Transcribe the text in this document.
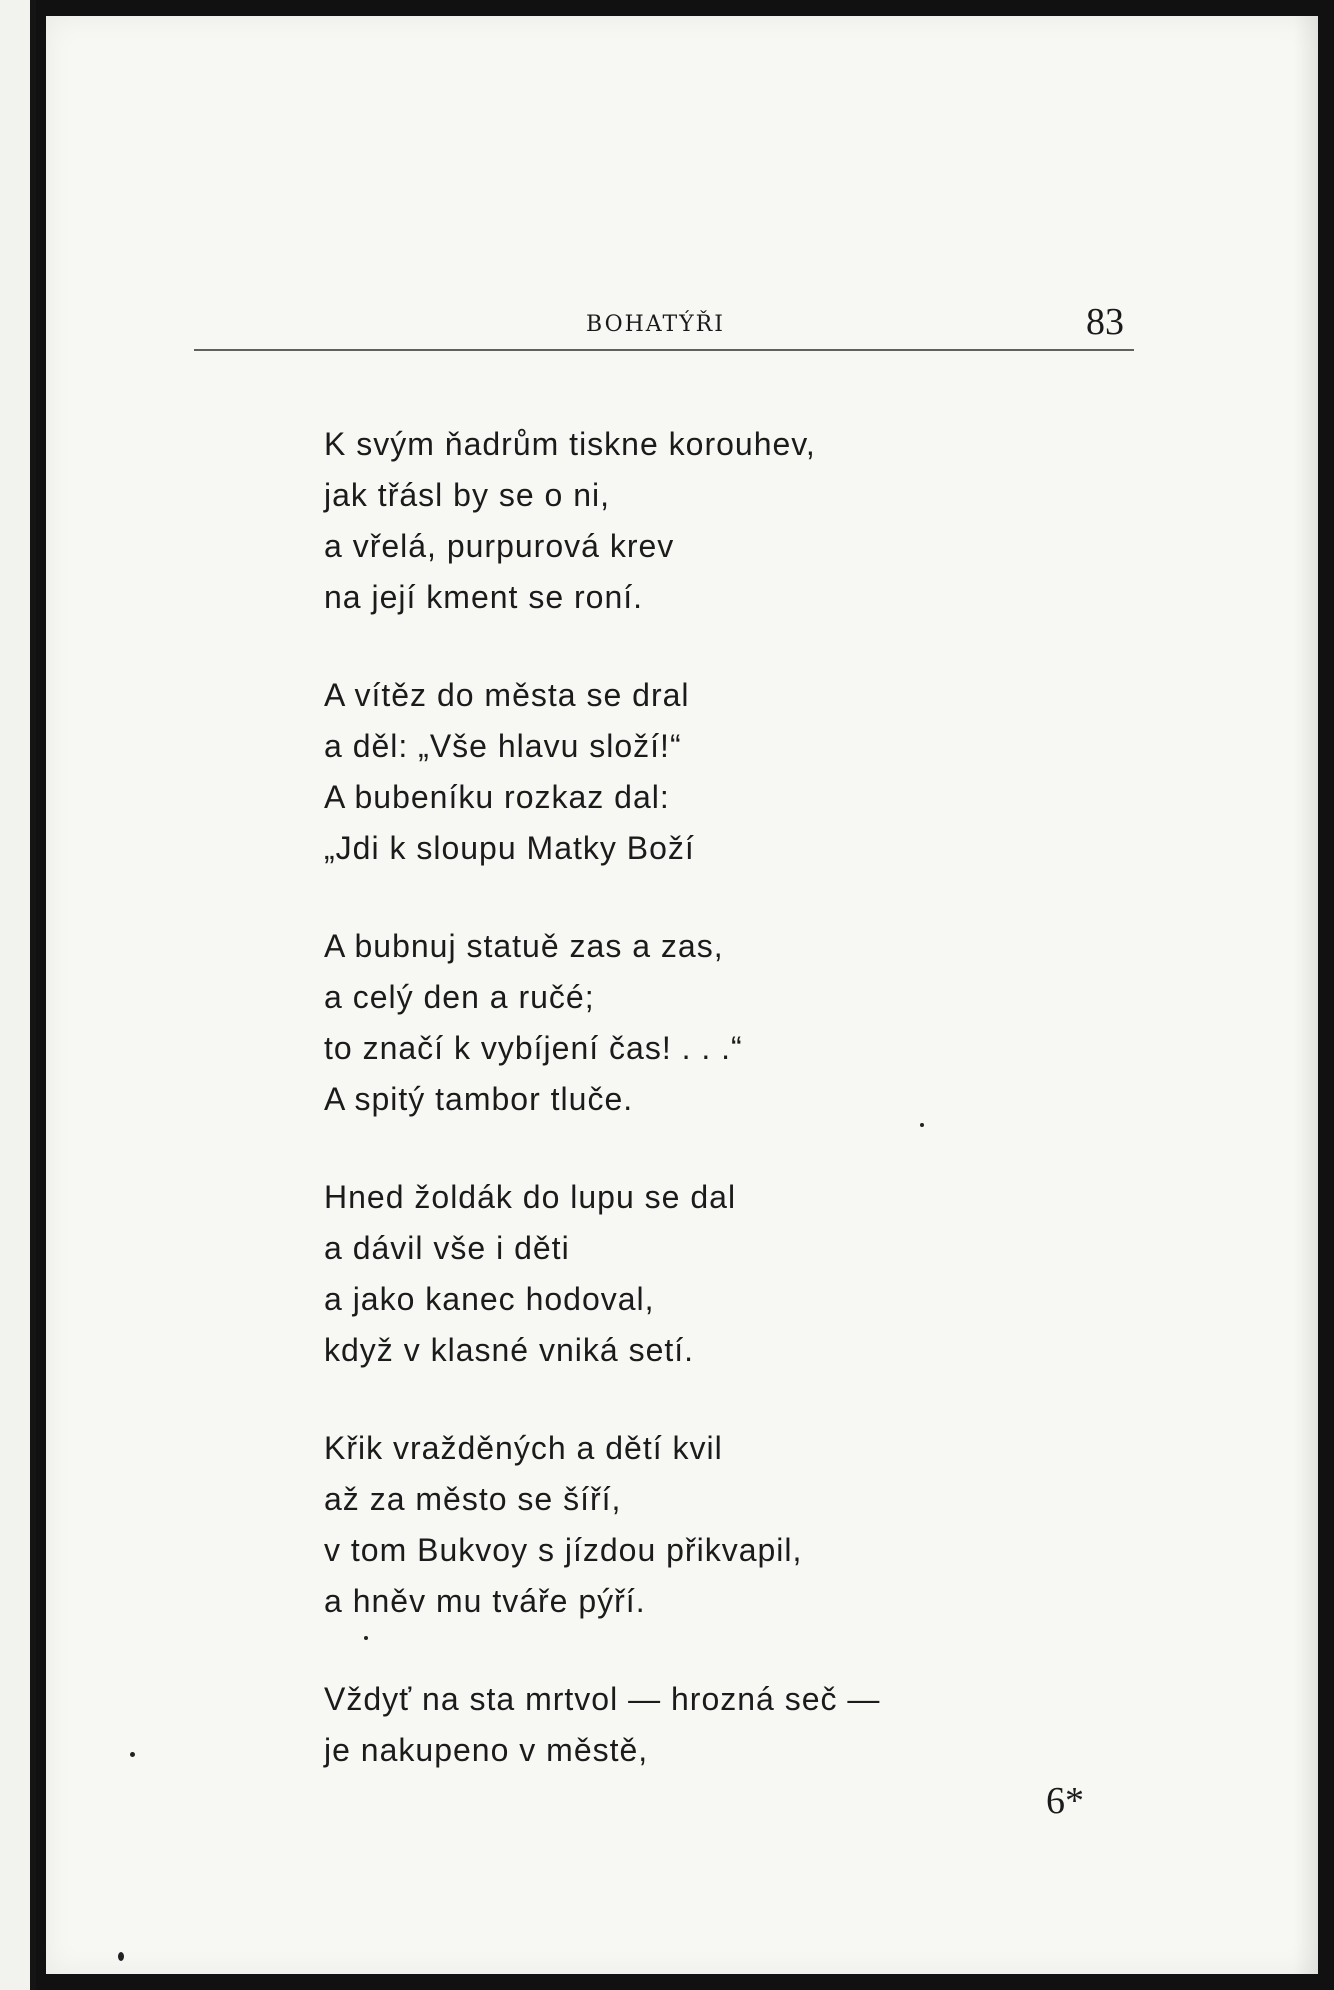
BOHATÝŘI	83
K svým ňadrům tiskne korouhev,
jak třásl by se o ni,
a vřelá, purpurová krev
na její kment se roní.
A vítěz do města se dral
a děl: „Vše hlavu složí!“
A bubeníku rozkaz dal:
„Jdi k sloupu Matky Boží
A bubnuj statuě zas a zas,
a celý den a ručé;
to značí k vybíjení čas! . . .“
A spitý tambor tluče.
Hned žoldák do lupu se dal
a dávil vše i děti
a jako kanec hodoval,
když v klasné vniká setí.
Křik vražděných a dětí kvil
až za město se šíří,
v tom Bukvoy s jízdou přikvapil,
a hněv mu tváře pýří.
Vždyť na sta mrtvol — hrozná seč —
je nakupeno v městě,
6*
